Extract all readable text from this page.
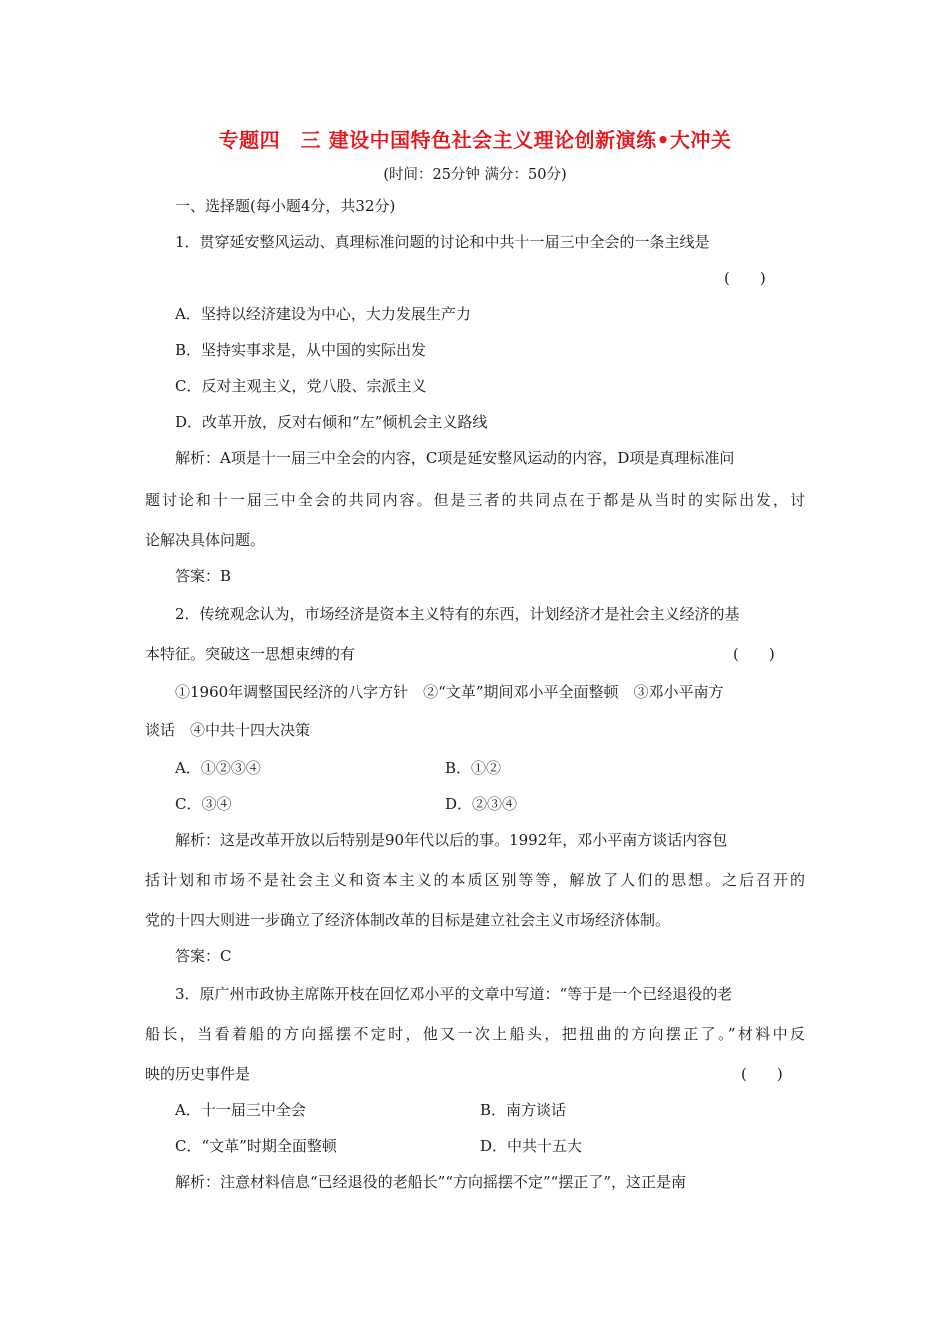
专题四　三 建设中国特色社会主义理论创新演练•大冲关
(时间：25分钟 满分：50分)
一、选择题(每小题4分，共32分)
1．贯穿延安整风运动、真理标准问题的讨论和中共十一届三中全会的一条主线是
(　　)
A．坚持以经济建设为中心，大力发展生产力
B．坚持实事求是，从中国的实际出发
C．反对主观主义，党八股、宗派主义
D．改革开放，反对右倾和“左”倾机会主义路线
解析：A项是十一届三中全会的内容，C项是延安整风运动的内容，D项是真理标准问
题讨论和十一届三中全会的共同内容。但是三者的共同点在于都是从当时的实际出发，讨
论解决具体问题。
答案：B
2．传统观念认为，市场经济是资本主义特有的东西，计划经济才是社会主义经济的基
本特征。突破这一思想束缚的有	(　　)
①1960年调整国民经济的八字方针　②“文革”期间邓小平全面整顿　③邓小平南方
谈话　④中共十四大决策
A．①②③④	B．①②
C．③④	D．②③④
解析：这是改革开放以后特别是90年代以后的事。1992年，邓小平南方谈话内容包
括计划和市场不是社会主义和资本主义的本质区别等等，解放了人们的思想。之后召开的
党的十四大则进一步确立了经济体制改革的目标是建立社会主义市场经济体制。
答案：C
3．原广州市政协主席陈开枝在回忆邓小平的文章中写道：“等于是一个已经退役的老
船长，当看着船的方向摇摆不定时，他又一次上船头，把扭曲的方向摆正了。”材料中反
映的历史事件是	(　　)
A．十一届三中全会	B．南方谈话
C．“文革”时期全面整顿	D．中共十五大
解析：注意材料信息“已经退役的老船长”“方向摇摆不定”“摆正了”，这正是南
